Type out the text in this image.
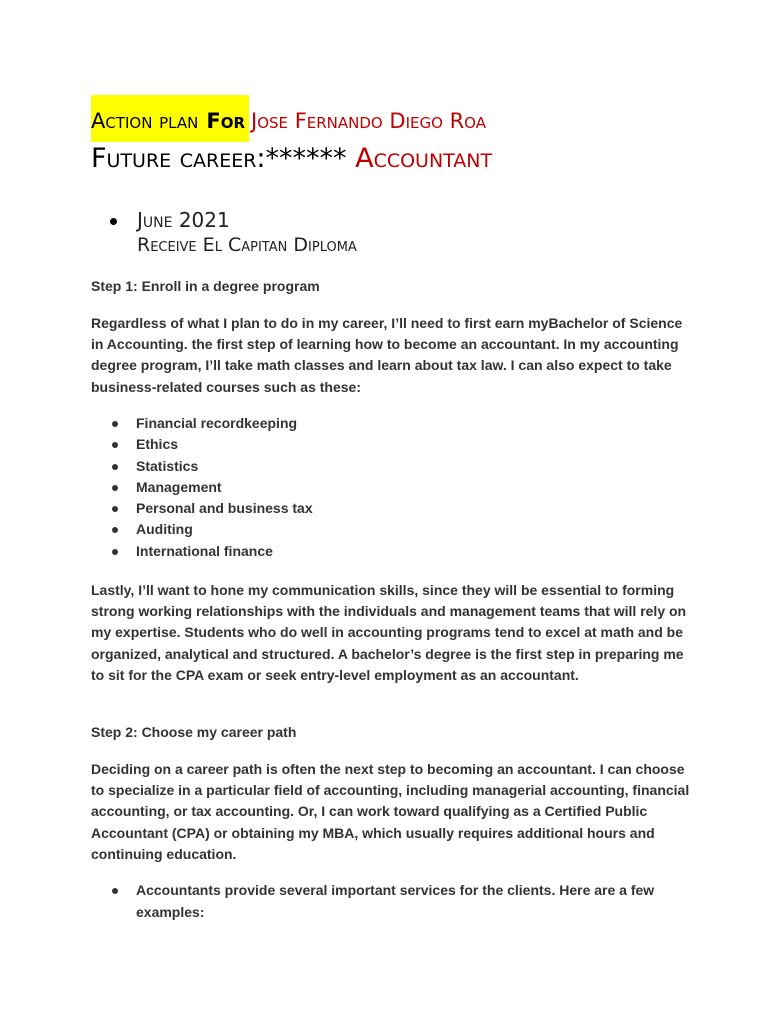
Action plan For Jose Fernando Diego Roa
Future career:****** Accountant
June 2021
Receive El Capitan Diploma

Step 1: Enroll in a degree program

Regardless of what I plan to do in my career, I’ll need to first earn myBachelor of Science in Accounting. the first step of learning how to become an accountant. In my accounting degree program, I’ll take math classes and learn about tax law. I can also expect to take business-related courses such as these:

Financial recordkeeping
Ethics
Statistics
Management
Personal and business tax
Auditing
International finance

Lastly, I’ll want to hone my communication skills, since they will be essential to forming strong working relationships with the individuals and management teams that will rely on my expertise. Students who do well in accounting programs tend to excel at math and be organized, analytical and structured. A bachelor’s degree is the first step in preparing me to sit for the CPA exam or seek entry-level employment as an accountant.

Step 2: Choose my career path

Deciding on a career path is often the next step to becoming an accountant. I can choose to specialize in a particular field of accounting, including managerial accounting, financial accounting, or tax accounting. Or, I can work toward qualifying as a Certified Public Accountant (CPA) or obtaining my MBA, which usually requires additional hours and continuing education.

Accountants provide several important services for the clients. Here are a few examples:
